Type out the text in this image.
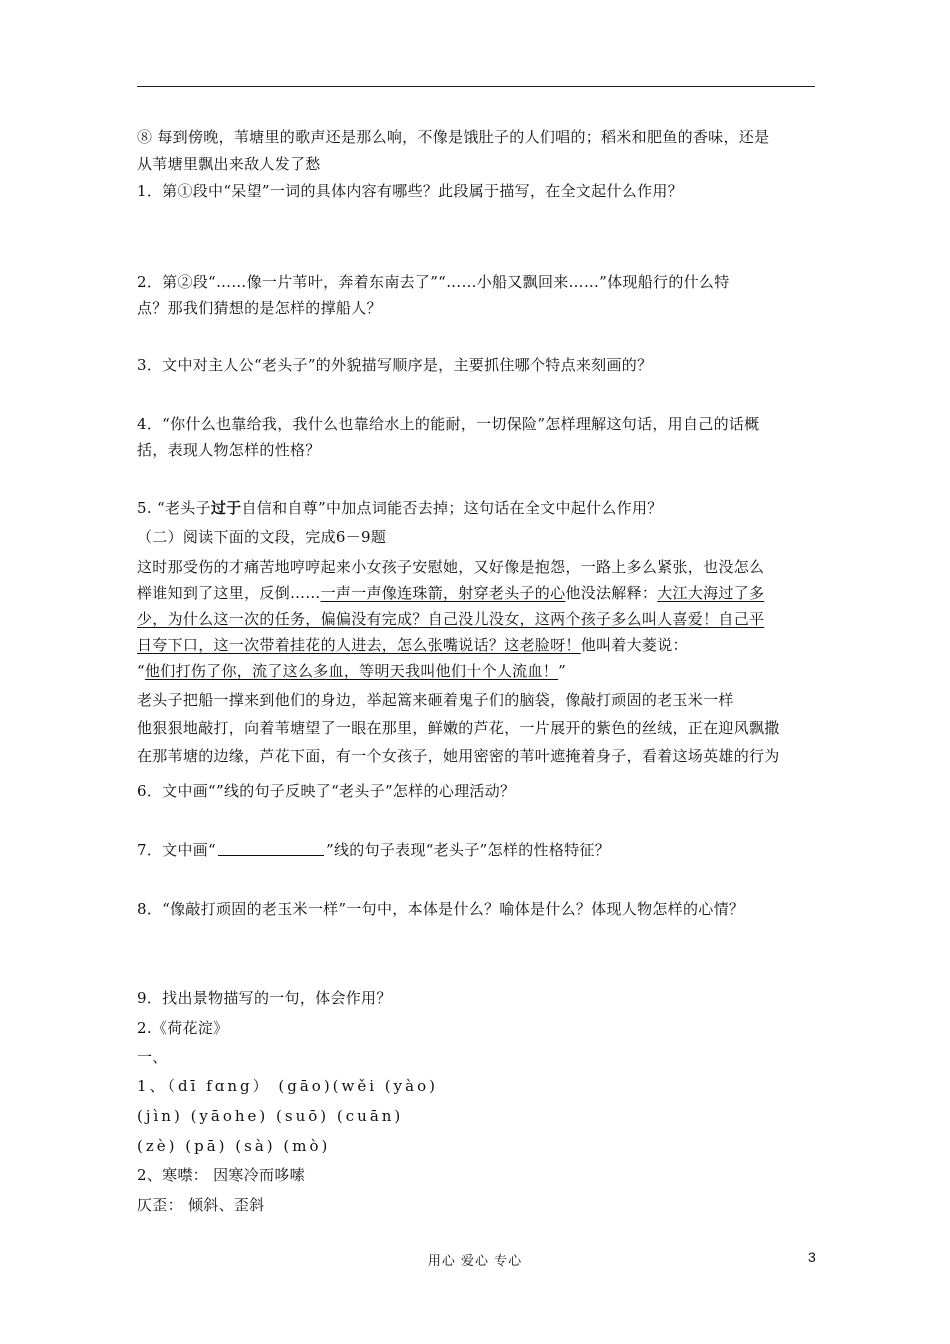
⑧ 每到傍晚，苇塘里的歌声还是那么响，不像是饿肚子的人们唱的；稻米和肥鱼的香味，还是
从苇塘里飘出来敌人发了愁
1．第①段中“呆望”一词的具体内容有哪些？此段属于描写，在全文起什么作用？
2．第②段“……像一片苇叶，奔着东南去了”“……小船又飘回来……”体现船行的什么特
点？那我们猜想的是怎样的撑船人？
3．文中对主人公“老头子”的外貌描写顺序是，主要抓住哪个特点来刻画的？
4．“你什么也靠给我，我什么也靠给水上的能耐，一切保险”怎样理解这句话，用自己的话概
括，表现人物怎样的性格？
5. “老头子过于自信和自尊”中加点词能否去掉；这句话在全文中起什么作用？
（二）阅读下面的文段，完成6－9题
这时那受伤的才痛苦地哼哼起来小女孩子安慰她，又好像是抱怨，一路上多么紧张，也没怎么
榉谁知到了这里，反倒……一声一声像连珠箭，射穿老头子的心他没法解释：大江大海过了多
少，为什么这一次的任务，偏偏没有完成？自己没儿没女，这两个孩子多么叫人喜爱！自己平
日夸下口，这一次带着挂花的人进去，怎么张嘴说话？这老脸呀！他叫着大菱说：
“他们打伤了你，流了这么多血，等明天我叫他们十个人流血！”
老头子把船一撑来到他们的身边，举起篙来砸着鬼子们的脑袋，像敲打顽固的老玉米一样
他狠狠地敲打，向着苇塘望了一眼在那里，鲜嫩的芦花，一片展开的紫色的丝绒，正在迎风飘撒
在那苇塘的边缘，芦花下面，有一个女孩子，她用密密的苇叶遮掩着身子，看着这场英雄的行为
6．文中画“”线的句子反映了“老头子”怎样的心理活动？
7．文中画“	”线的句子表现“老头子”怎样的性格特征？
8．“像敲打顽固的老玉米一样”一句中，本体是什么？喻体是什么？体现人物怎样的心情？
9．找出景物描写的一句，体会作用？
2.《荷花淀》
一、
1、（dī fɑng） (gāo)(wěi (yào)
(jìn) (yāohe) (suō) (cuān)
(zè) (pā) (sà) (mò)
2、寒噤： 因寒冷而哆嗦
仄歪： 倾斜、歪斜
用心 爱心 专心	3
